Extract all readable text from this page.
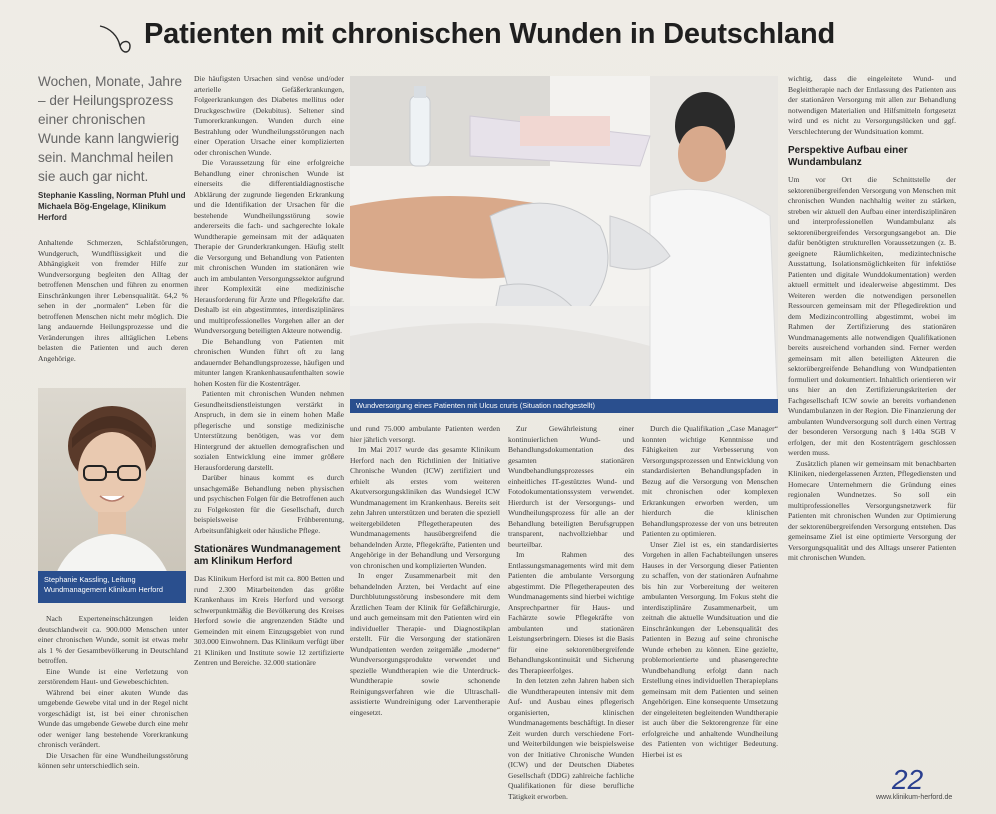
Patienten mit chronischen Wunden in Deutschland
Wochen, Monate, Jahre – der Heilungsprozess einer chronischen Wunde kann langwierig sein. Manchmal heilen sie auch gar nicht.
Stephanie Kassling, Norman Pfuhl und Michaela Bög-Engelage, Klinikum Herford

Anhaltende Schmerzen, Schlafstörungen, Wundgeruch, Wundflüssigkeit und die Abhängigkeit von fremder Hilfe zur Wundversorgung begleiten den Alltag der betroffenen Menschen und führen zu enormen Einschränkungen ihrer Lebensqualität. 64,2 % sehen in der „normalen“ Leben für die betroffenen Menschen nicht mehr möglich. Die lang andauernde Heilungsprozesse und die Veränderungen ihres alltäglichen Lebens belasten die Patienten und auch deren Angehörige.

Stephanie Kassling, Leitung Wundmanagement Klinikum Herford

Nach Experteneinschätzungen leiden deutschlandweit ca. 900.000 Menschen unter einer chronischen Wunde, somit ist etwas mehr als 1 % der Gesamtbevölkerung in Deutschland betroffen.

Eine Wunde ist eine Verletzung von zerstörendem Haut- und Gewebeschichten.

Während bei einer akuten Wunde das umgebende Gewebe vital und in der Regel nicht vorgeschädigt ist, ist bei einer chronischen Wunde das umgebende Gewebe durch eine mehr oder weniger lang bestehende Vorerkrankung chronisch verändert.

Die Ursachen für eine Wundheilungsstörung können sehr unterschiedlich sein.

Die häufigsten Ursachen sind venöse und/oder arterielle Gefäßerkrankungen, Folgeerkrankungen des Diabetes mellitus oder Druckgeschwüre (Dekubitus). Seltener sind Tumorerkrankungen. Wunden durch eine Bestrahlung oder Wundheilungsstörungen nach einer Operation Ursache einer komplizierten oder chronischen Wunde.

Die Voraussetzung für eine erfolgreiche Behandlung einer chronischen Wunde ist einerseits die differentialdiagnostische Abklärung der zugrunde liegenden Erkrankung und die Identifikation der Ursachen für die bestehende Wundheilungsstörung sowie andererseits die fach- und sachgerechte lokale Wundtherapie gemeinsam mit der adäquaten Therapie der Grunderkrankungen. Häufig stellt die Versorgung und Behandlung von Patienten mit chronischen Wunden im stationären wie auch im ambulanten Versorgungssektor aufgrund ihrer Komplexität eine medizinische Herausforderung für Ärzte und Pflegekräfte dar. Deshalb ist ein abgestimmtes, interdisziplinäres und multiprofessionelles Vorgehen aller an der Wundversorgung beteiligten Akteure notwendig.

Die Behandlung von Patienten mit chronischen Wunden führt oft zu lang andauernder Behandlungsprozesse, häufigen und mitunter langen Krankenhausaufenthalten sowie hohen Kosten für die Kostenträger.

Patienten mit chronischen Wunden nehmen Gesundheitsdienstleistungen verstärkt in Anspruch, in dem sie in einem hohen Maße pflegerische und sonstige medizinische Unterstützung benötigen, was vor dem Hintergrund der aktuellen demografischen und sozialen Entwicklung eine immer größere Herausforderung darstellt.

Darüber hinaus kommt es durch unsachgemäße Behandlung neben physischen und psychischen Folgen für die Betroffenen auch zu Folgekosten für die Gesellschaft, durch beispielsweise Frühberentung, Arbeitsunfähigkeit oder häusliche Pflege.

Stationäres Wundmanagement am Klinikum Herford

Das Klinikum Herford ist mit ca. 800 Betten und rund 2.300 Mitarbeitenden das größte Krankenhaus im Kreis Herford und versorgt schwerpunktmäßig die Bevölkerung des Kreises Herford sowie die angrenzenden Städte und Gemeinden mit einem Einzugsgebiet von rund 303.000 Einwohnern. Das Klinikum verfügt über 21 Kliniken und Institute sowie 12 zertifizierte Zentren und Bereiche. 32.000 stationäre

Wundversorgung eines Patienten mit Ulcus cruris (Situation nachgestellt)

und rund 75.000 ambulante Patienten werden hier jährlich versorgt.

Im Mai 2017 wurde das gesamte Klinikum Herford nach den Richtlinien der Initiative Chronische Wunden (ICW) zertifiziert und erhielt als erstes vom weiteren Akutversorgungskliniken das Wundsiegel ICW Wundmanagement im Krankenhaus. Bereits seit zehn Jahren unterstützen und beraten die speziell weitergebildeten Pflegetherapeuten des Wundmanagements hausübergreifend die behandelnden Ärzte, Pflegekräfte, Patienten und Angehörige in der Behandlung und Versorgung von chronischen und komplizierten Wunden.

In enger Zusammenarbeit mit den behandelnden Ärzten, bei Verdacht auf eine Durchblutungsstörung insbesondere mit dem Ärztlichen Team der Klinik für Gefäßchirurgie, und auch gemeinsam mit den Patienten wird ein individueller Therapie- und Diagnostikplan erstellt. Für die Versorgung der stationären Wundpatienten werden zeitgemäße „moderne“ Wundversorgungsprodukte verwendet und spezielle Wundtherapien wie die Unterdruck-Wundtherapie sowie schonende Reinigungsverfahren wie die Ultraschall-assistierte Wundreinigung oder Larventherapie eingesetzt.

Zur Gewährleistung einer kontinuierlichen Wund- und Behandlungsdokumentation des gesamten stationären Wundbehandlungsprozesses ein einheitliches IT-gestütztes Wund- und Fotodokumentationssystem verwendet. Hierdurch ist der Versorgungs- und Wundheilungsprozess für alle an der Behandlung beteiligten Berufsgruppen transparent, nachvollziehbar und beurteilbar.

Im Rahmen des Entlassungsmanagements wird mit dem Patienten die ambulante Versorgung abgestimmt. Die Pflegetherapeuten des Wundmanagements sind hierbei wichtige Ansprechpartner für Haus- und Fachärzte sowie Pflegekräfte von ambulanten und stationären Leistungserbringern. Dieses ist die Basis für eine sektorenübergreifende Behandlungskontinuität und Sicherung des Therapieerfolges.

In den letzten zehn Jahren haben sich die Wundtherapeuten intensiv mit dem Auf- und Ausbau eines pflegerisch organisierten, klinischen Wundmanagements beschäftigt. In dieser Zeit wurden durch verschiedene Fort- und Weiterbildungen wie beispielsweise von der Initiative Chronische Wunden (ICW) und der Deutschen Diabetes Gesellschaft (DDG) zahlreiche fachliche Qualifikationen für diese berufliche Tätigkeit erworben.

Durch die Qualifikation „Case Manager“ konnten wichtige Kenntnisse und Fähigkeiten zur Verbesserung von Versorgungsprozessen und Entwicklung von standardisierten Behandlungspfaden in Bezug auf die Versorgung von Menschen mit chronischen oder komplexen Erkrankungen erworben werden, um hierdurch die klinischen Behandlungsprozesse der von uns betreuten Patienten zu optimieren.

Unser Ziel ist es, ein standardisiertes Vorgehen in allen Fachabteilungen unseres Hauses in der Versorgung dieser Patienten zu schaffen, von der stationären Aufnahme bis hin zur Vorbereitung der weiteren ambulanten Versorgung. Im Fokus steht die interdisziplinäre Zusammenarbeit, um zeitnah die aktuelle Wundsituation und die Einschränkungen der Lebensqualität des Patienten in Bezug auf seine chronische Wunde erheben zu können. Eine gezielte, problemorientierte und phasengerechte Wundbehandlung erfolgt dann nach Erstellung eines individuellen Therapieplans gemeinsam mit dem Patienten und seinen Angehörigen. Eine konsequente Umsetzung der eingeleiteten begleitenden Wundtherapie ist auch über die Sektorengrenze für eine erfolgreiche und anhaltende Wundheilung des Patienten von wichtiger Bedeutung. Hierbei ist es

wichtig, dass die eingeleitete Wund- und Begleittherapie nach der Entlassung des Patienten aus der stationären Versorgung mit allen zur Behandlung notwendigen Materialien und Hilfsmitteln fortgesetzt wird und es nicht zu Versorgungslücken und ggf. Verschlechterung der Wundsituation kommt.

Perspektive Aufbau einer Wundambulanz

Um vor Ort die Schnittstelle der sektorenübergreifenden Versorgung von Menschen mit chronischen Wunden nachhaltig weiter zu stärken, streben wir aktuell den Aufbau einer interdisziplinären und interprofessionellen Wundambulanz als sektorenübergreifendes Versorgungsangebot an. Die dafür benötigten strukturellen Voraussetzungen (z. B. geeignete Räumlichkeiten, medizintechnische Ausstattung, Isolationsmöglichkeiten für infektiöse Patienten und digitale Wunddokumentation) werden aktuell ermittelt und idealerweise abgestimmt. Des Weiteren werden die notwendigen personellen Ressourcen gemeinsam mit der Pflegedirektion und dem Medizincontrolling abgestimmt, wobei im Rahmen der Zertifizierung des stationären Wundmanagements alle notwendigen Qualifikationen bereits ausreichend vorhanden sind. Ferner werden gemeinsam mit allen beteiligten Akteuren die sektorübergreifende Behandlung von Wundpatienten formuliert und dokumentiert. Inhaltlich orientieren wir uns hier an den Zertifizierungskriterien der Fachgesellschaft ICW sowie an bereits vorhandenen Wundambulanzen in der Region. Die Finanzierung der ambulanten Wundversorgung soll durch einen Vertrag der besonderen Versorgung nach § 140a SGB V erfolgen, der mit den Kostenträgern geschlossen werden muss.

Zusätzlich planen wir gemeinsam mit benachbarten Kliniken, niedergelassenen Ärzten, Pflegediensten und Homecare Unternehmern die Gründung eines regionalen Wundnetzes. So soll ein multiprofessionelles Versorgungsnetzwerk für Patienten mit chronischen Wunden zur Optimierung der sektorenübergreifenden Versorgung entstehen. Das gemeinsame Ziel ist eine optimierte Versorgung der Versorgungsqualität und des Alltags unserer Patienten mit chronischen Wunden.

22
www.klinikum-herford.de
